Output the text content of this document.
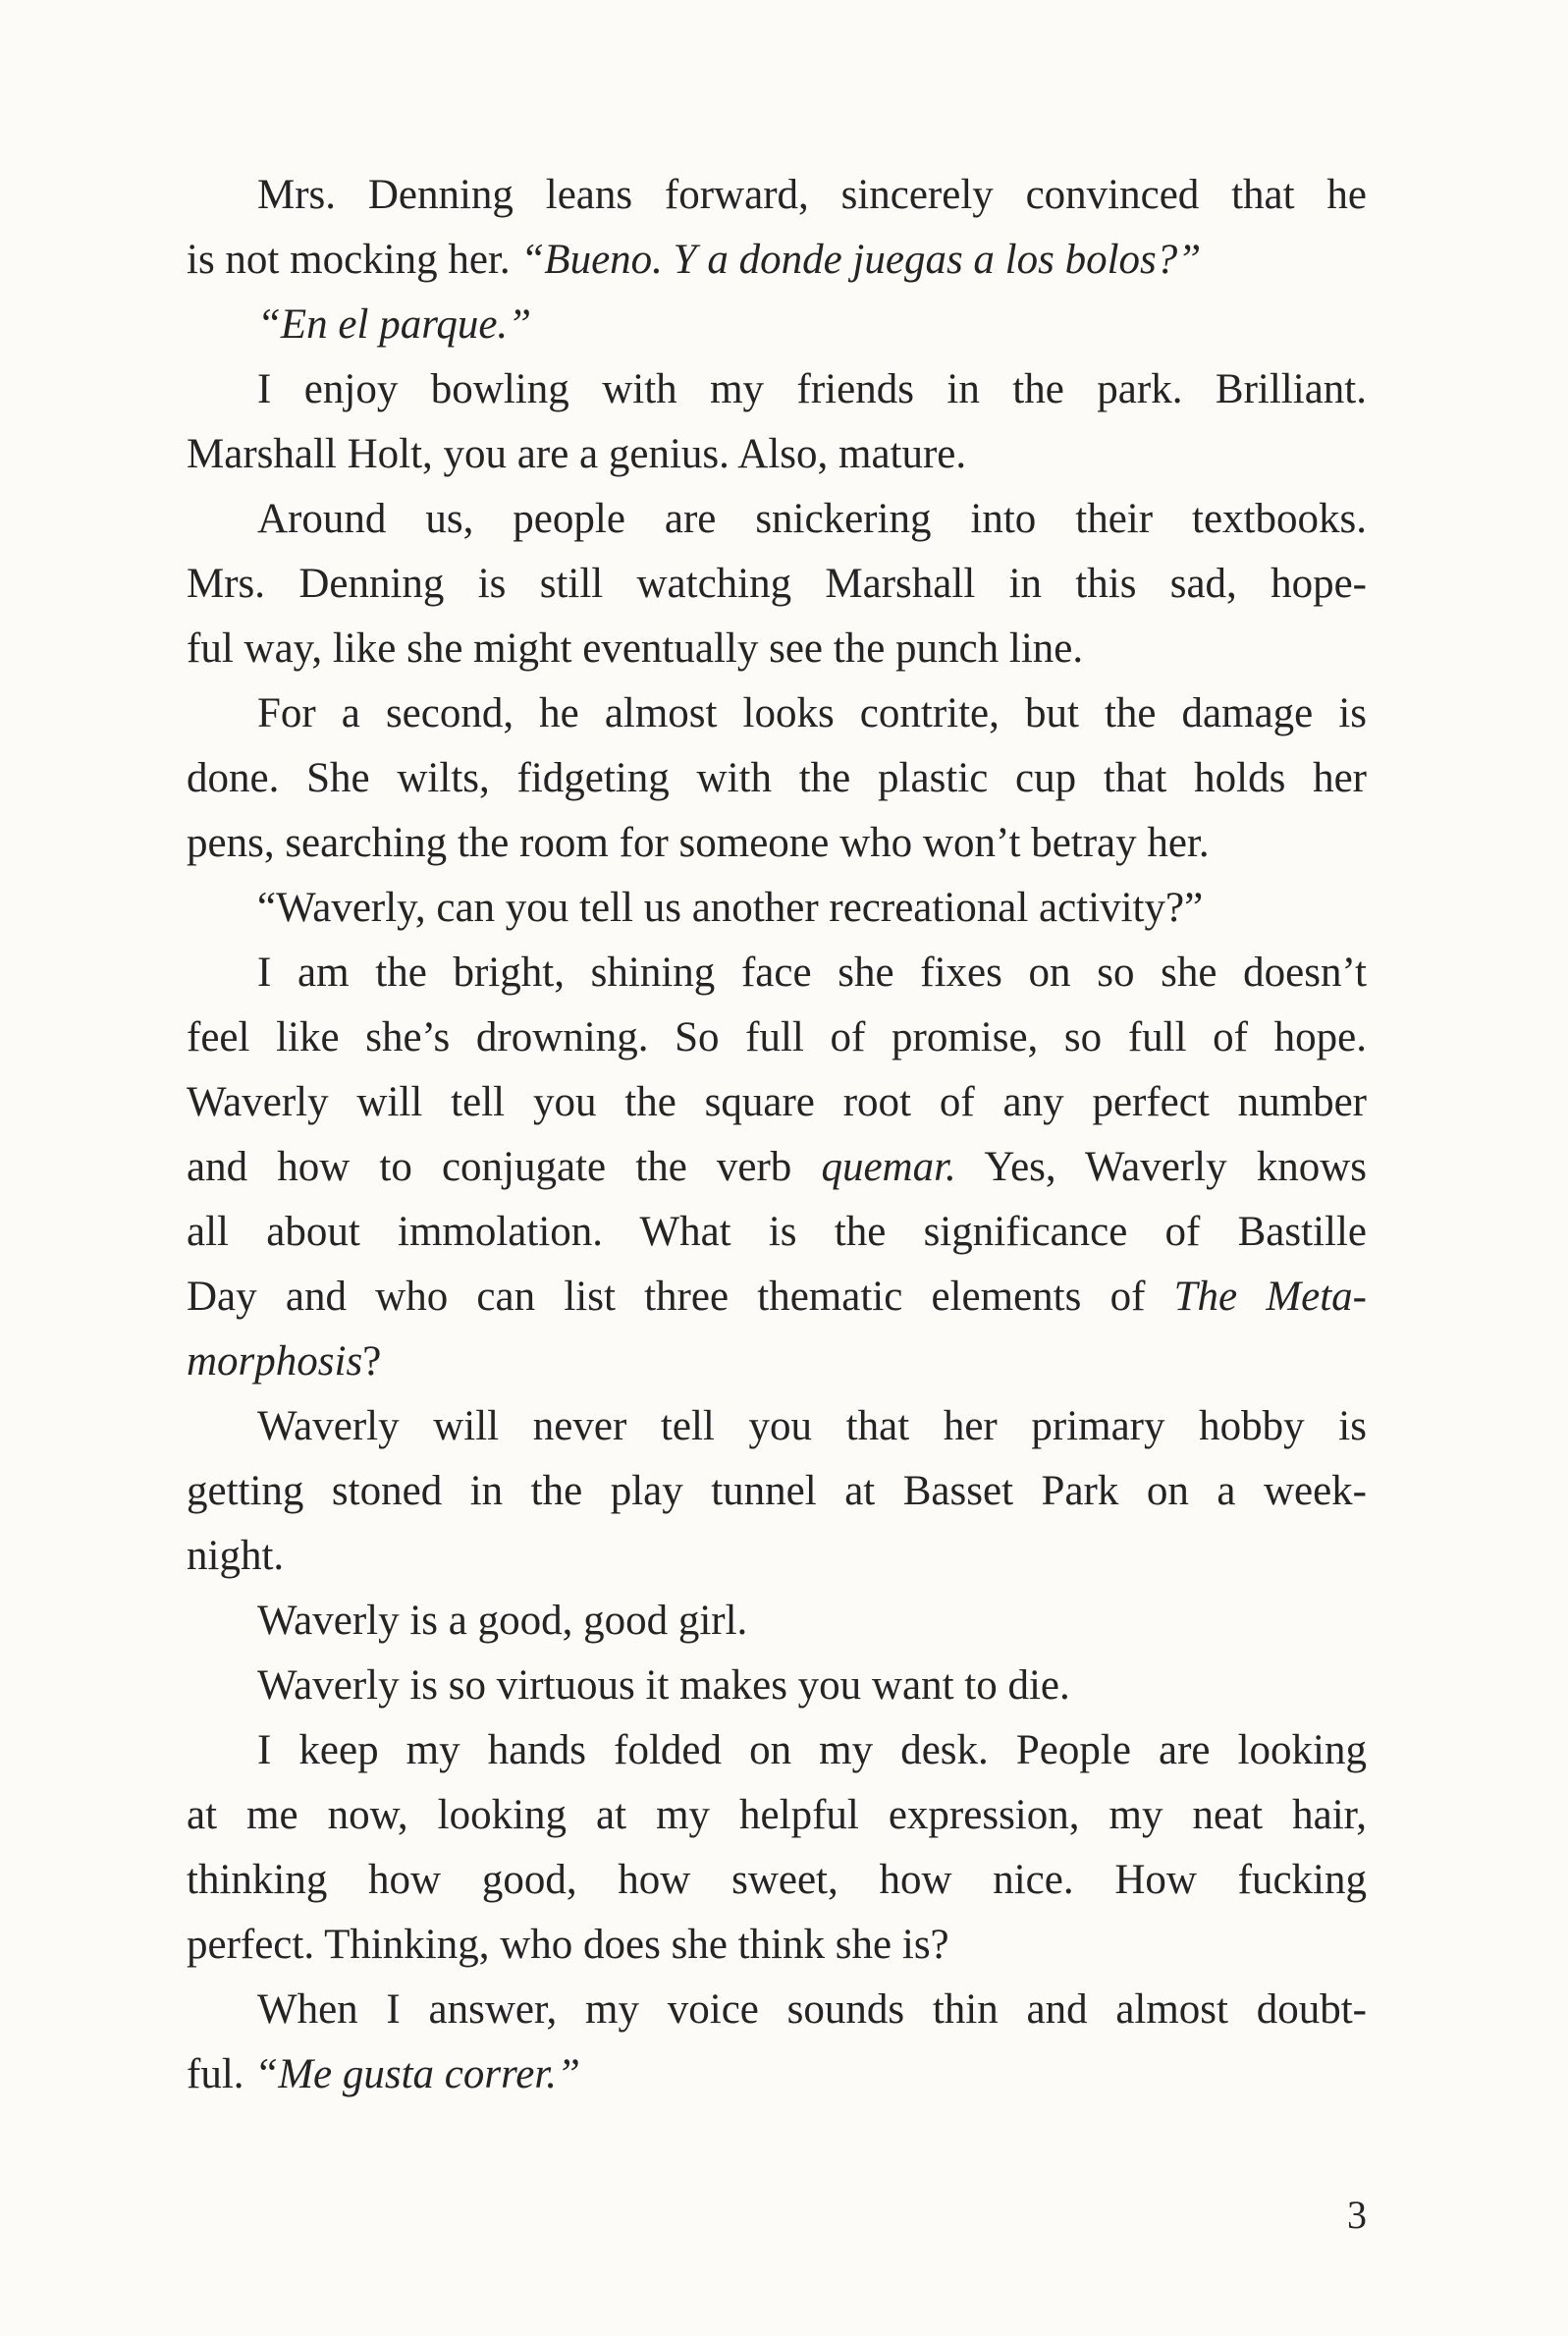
Mrs. Denning leans forward, sincerely convinced that he
is not mocking her. “Bueno. Y a donde juegas a los bolos?”
“En el parque.”
I enjoy bowling with my friends in the park. Brilliant.
Marshall Holt, you are a genius. Also, mature.
Around us, people are snickering into their textbooks.
Mrs. Denning is still watching Marshall in this sad, hope-
ful way, like she might eventually see the punch line.
For a second, he almost looks contrite, but the damage is
done. She wilts, fidgeting with the plastic cup that holds her
pens, searching the room for someone who won’t betray her.
“Waverly, can you tell us another recreational activity?”
I am the bright, shining face she fixes on so she doesn’t
feel like she’s drowning. So full of promise, so full of hope.
Waverly will tell you the square root of any perfect number
and how to conjugate the verb quemar. Yes, Waverly knows
all about immolation. What is the significance of Bastille
Day and who can list three thematic elements of The Meta-
morphosis?
Waverly will never tell you that her primary hobby is
getting stoned in the play tunnel at Basset Park on a week-
night.
Waverly is a good, good girl.
Waverly is so virtuous it makes you want to die.
I keep my hands folded on my desk. People are looking
at me now, looking at my helpful expression, my neat hair,
thinking how good, how sweet, how nice. How fucking
perfect. Thinking, who does she think she is?
When I answer, my voice sounds thin and almost doubt-
ful. “Me gusta correr.”
3
